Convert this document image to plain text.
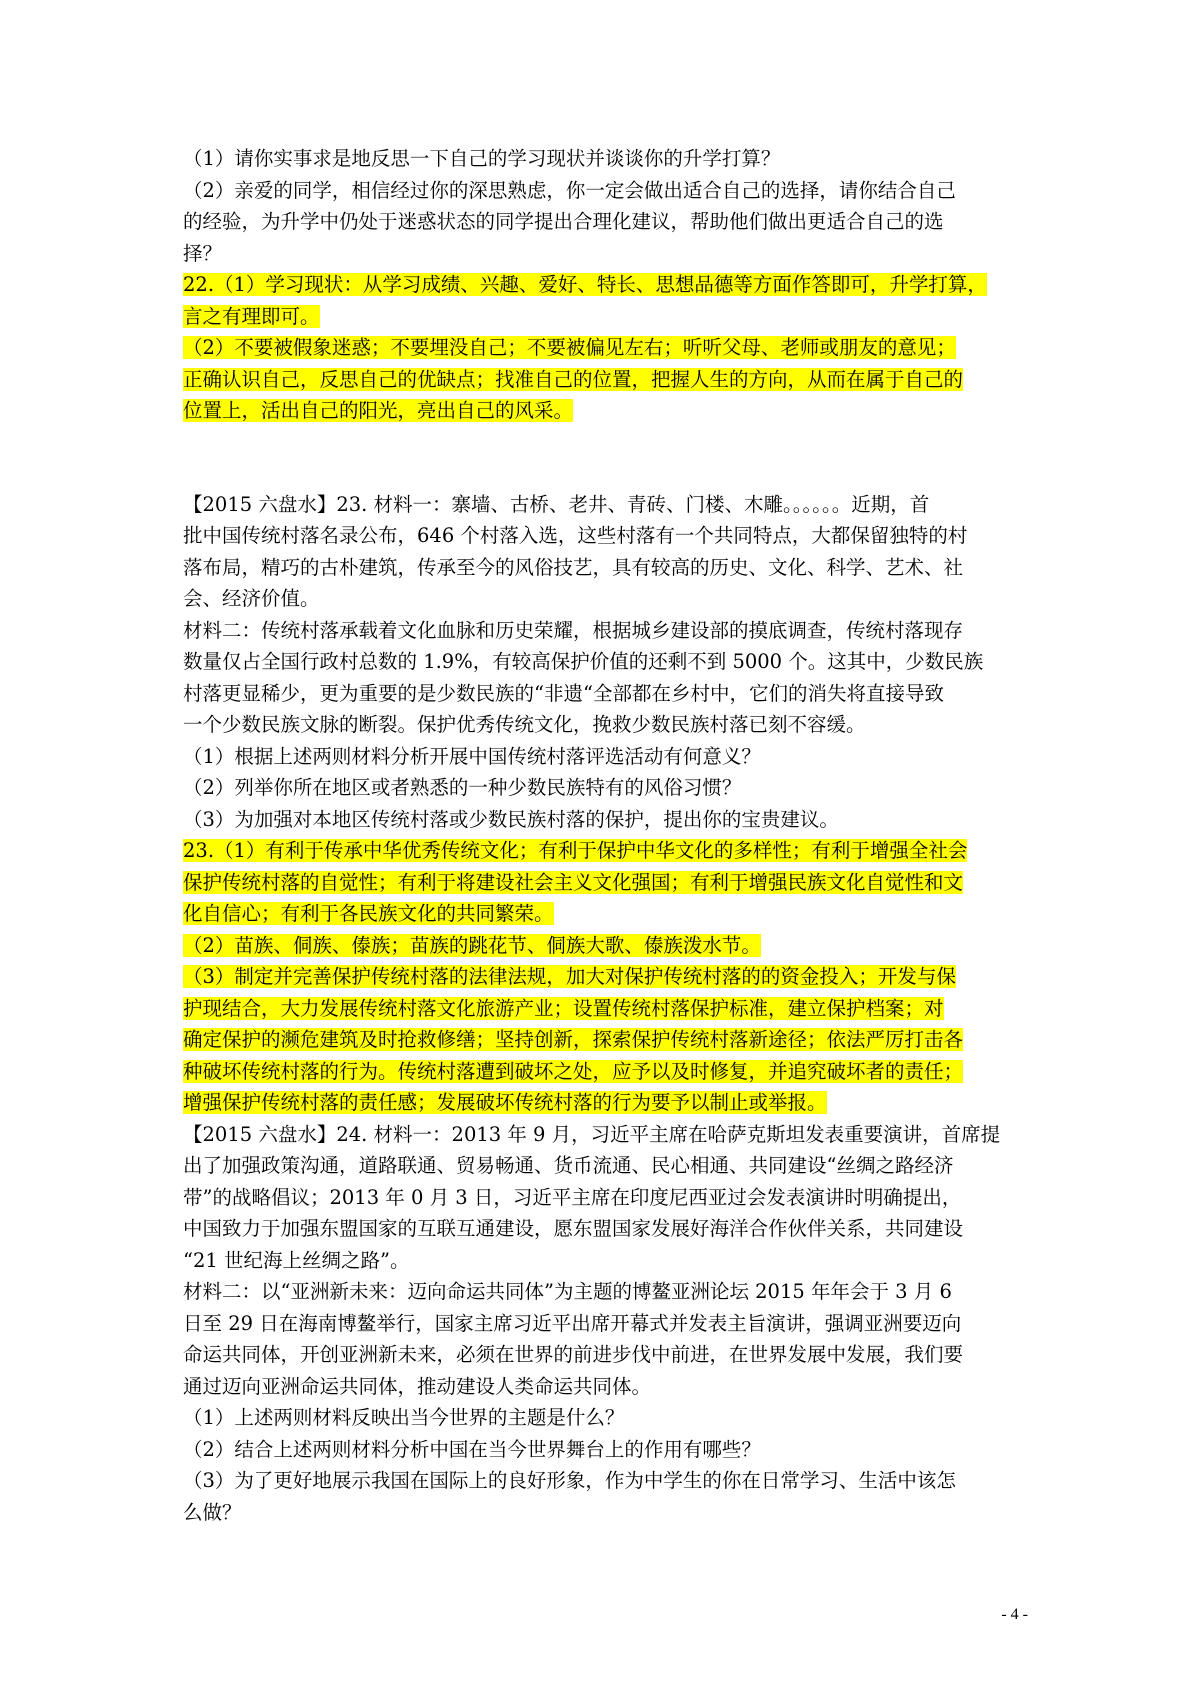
（1）请你实事求是地反思一下自己的学习现状并谈谈你的升学打算？
（2）亲爱的同学，相信经过你的深思熟虑，你一定会做出适合自己的选择，请你结合自己
的经验，为升学中仍处于迷惑状态的同学提出合理化建议，帮助他们做出更适合自己的选
择？
22.（1）学习现状：从学习成绩、兴趣、爱好、特长、思想品德等方面作答即可，升学打算，
言之有理即可。
（2）不要被假象迷惑；不要埋没自己；不要被偏见左右；听听父母、老师或朋友的意见；
正确认识自己，反思自己的优缺点；找准自己的位置，把握人生的方向，从而在属于自己的
位置上，活出自己的阳光，亮出自己的风采。
【2015 六盘水】23. 材料一：寨墙、古桥、老井、青砖、门楼、木雕。。。。。。近期，首
批中国传统村落名录公布，646 个村落入选，这些村落有一个共同特点，大都保留独特的村
落布局，精巧的古朴建筑，传承至今的风俗技艺，具有较高的历史、文化、科学、艺术、社
会、经济价值。
材料二：传统村落承载着文化血脉和历史荣耀，根据城乡建设部的摸底调查，传统村落现存
数量仅占全国行政村总数的 1.9%，有较高保护价值的还剩不到 5000 个。这其中，少数民族
村落更显稀少，更为重要的是少数民族的“非遗“全部都在乡村中，它们的消失将直接导致
一个少数民族文脉的断裂。保护优秀传统文化，挽救少数民族村落已刻不容缓。
（1）根据上述两则材料分析开展中国传统村落评选活动有何意义？
（2）列举你所在地区或者熟悉的一种少数民族特有的风俗习惯？
（3）为加强对本地区传统村落或少数民族村落的保护，提出你的宝贵建议。
23.（1）有利于传承中华优秀传统文化；有利于保护中华文化的多样性；有利于增强全社会
保护传统村落的自觉性；有利于将建设社会主义文化强国；有利于增强民族文化自觉性和文
化自信心；有利于各民族文化的共同繁荣。
（2）苗族、侗族、傣族；苗族的跳花节、侗族大歌、傣族泼水节。
（3）制定并完善保护传统村落的法律法规，加大对保护传统村落的的资金投入；开发与保
护现结合，大力发展传统村落文化旅游产业；设置传统村落保护标准，建立保护档案；对
确定保护的濒危建筑及时抢救修缮；坚持创新，探索保护传统村落新途径；依法严厉打击各
种破坏传统村落的行为。传统村落遭到破坏之处，应予以及时修复，并追究破坏者的责任；
增强保护传统村落的责任感；发展破坏传统村落的行为要予以制止或举报。
【2015 六盘水】24. 材料一：2013 年 9 月，习近平主席在哈萨克斯坦发表重要演讲，首席提
出了加强政策沟通，道路联通、贸易畅通、货币流通、民心相通、共同建设“丝绸之路经济
带”的战略倡议；2013 年 0 月 3 日，习近平主席在印度尼西亚过会发表演讲时明确提出，
中国致力于加强东盟国家的互联互通建设，愿东盟国家发展好海洋合作伙伴关系，共同建设
“21 世纪海上丝绸之路”。
材料二：以“亚洲新未来：迈向命运共同体”为主题的博鳌亚洲论坛 2015 年年会于 3 月 6
日至 29 日在海南博鳌举行，国家主席习近平出席开幕式并发表主旨演讲，强调亚洲要迈向
命运共同体，开创亚洲新未来，必须在世界的前进步伐中前进，在世界发展中发展，我们要
通过迈向亚洲命运共同体，推动建设人类命运共同体。
（1）上述两则材料反映出当今世界的主题是什么？
（2）结合上述两则材料分析中国在当今世界舞台上的作用有哪些？
（3）为了更好地展示我国在国际上的良好形象，作为中学生的你在日常学习、生活中该怎
么做？
- 4 -
